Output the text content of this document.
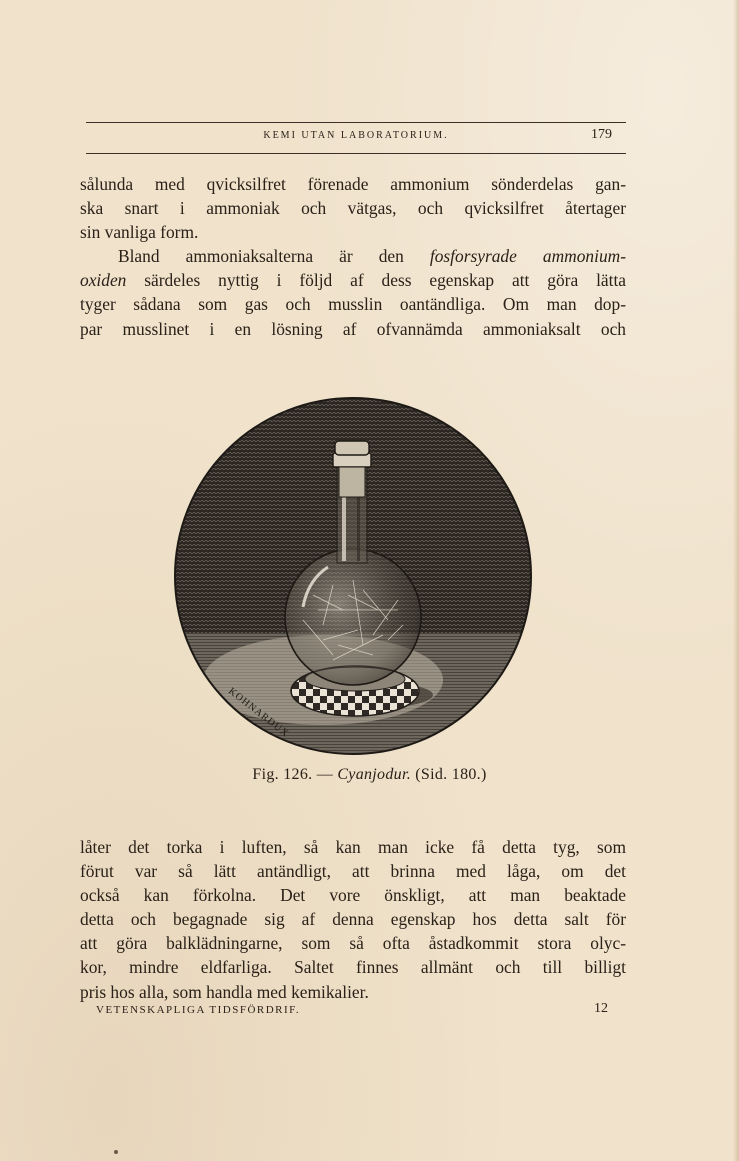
KEMI UTAN LABORATORIUM.	179

sålunda med qvicksilfret förenade ammonium sönderdelas gan-
ska snart i ammoniak och vätgas, och qvicksilfret återtager
sin vanliga form.

Bland ammoniaksalterna är den fosforsyrade ammonium-
oxiden särdeles nyttig i följd af dess egenskap att göra lätta
tyger sådana som gas och musslin oantändliga. Om man dop-
par musslinet i en lösning af ofvannämda ammoniaksalt och

KOHNARDUX
Fig. 126. — Cyanjodur. (Sid. 180.)

låter det torka i luften, så kan man icke få detta tyg, som
förut var så lätt antändligt, att brinna med låga, om det
också kan förkolna. Det vore önskligt, att man beaktade
detta och begagnade sig af denna egenskap hos detta salt för
att göra balklädningarne, som så ofta åstadkommit stora olyc-
kor, mindre eldfarliga. Saltet finnes allmänt och till billigt
pris hos alla, som handla med kemikalier.

VETENSKAPLIGA TIDSFÖRDRIF.	12
